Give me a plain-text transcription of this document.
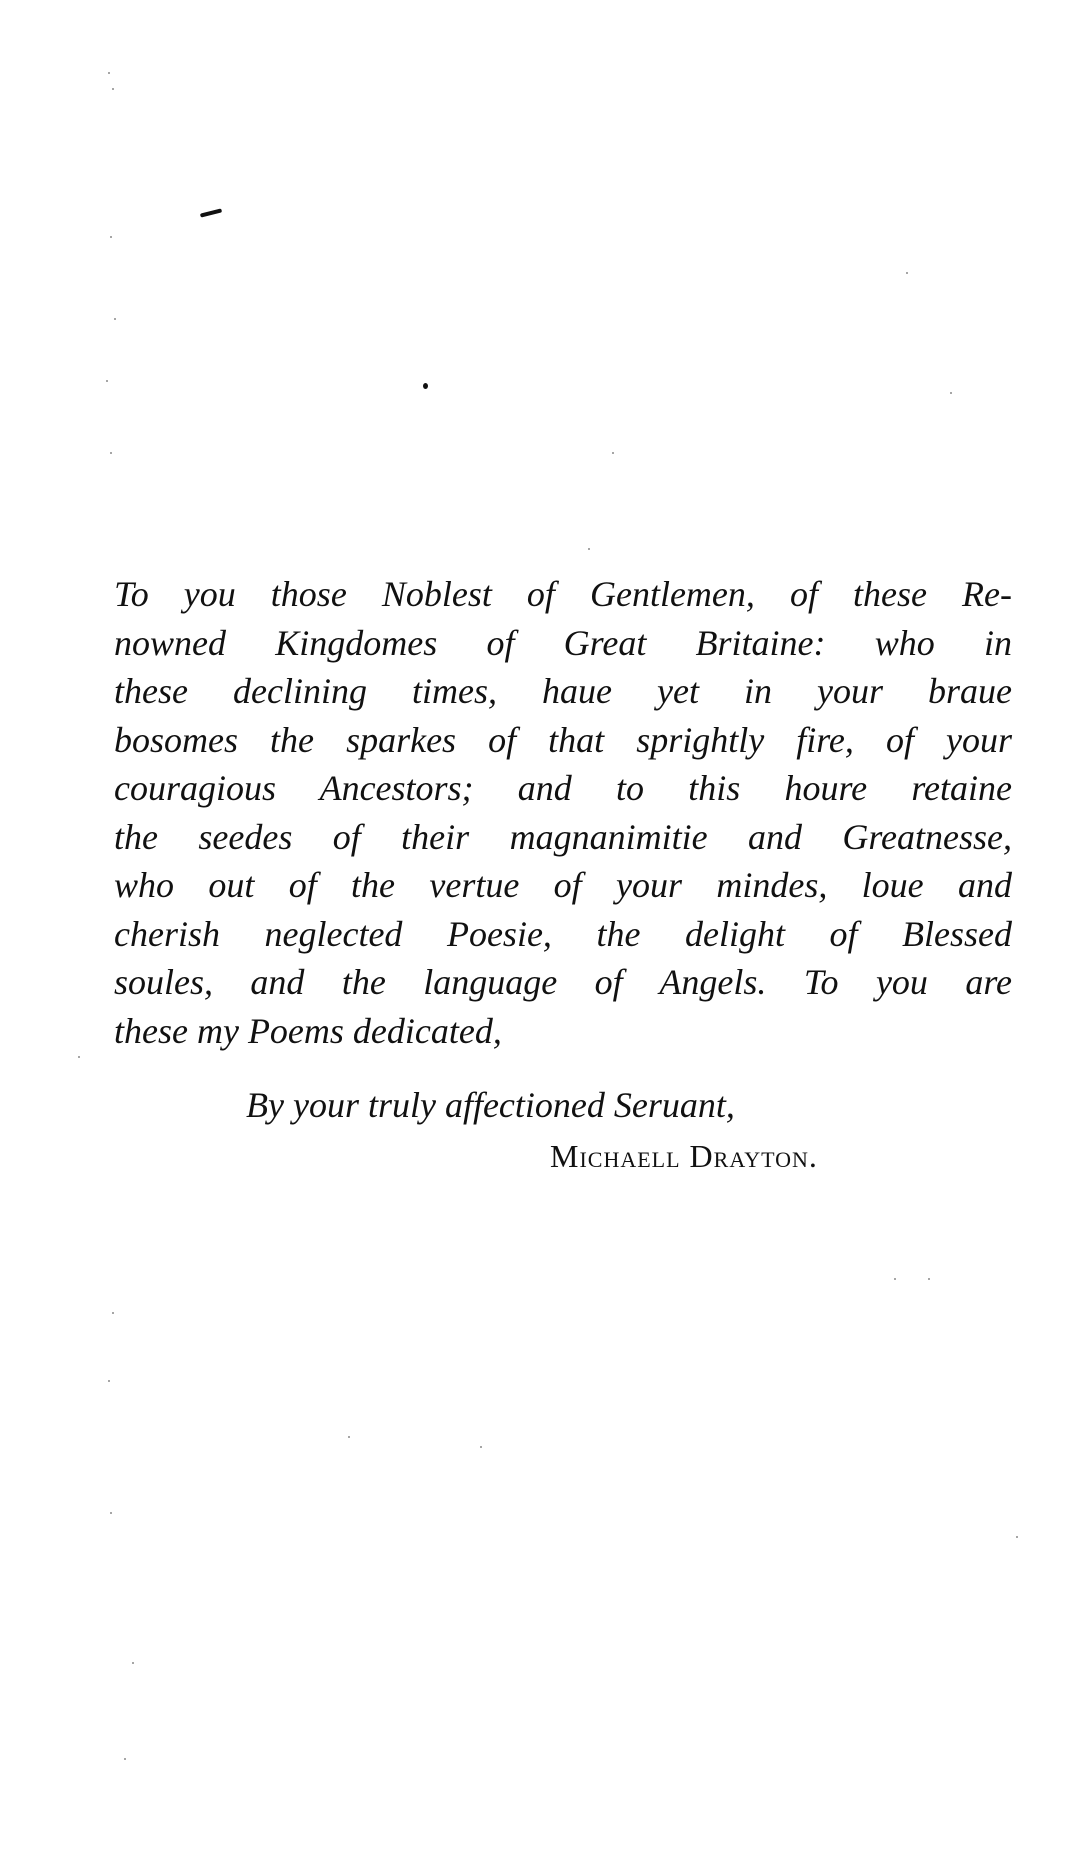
To you those Noblest of Gentlemen, of these Re-
nowned Kingdomes of Great Britaine: who in
these declining times, haue yet in your braue
bosomes the sparkes of that sprightly fire, of your
couragious Ancestors; and to this houre retaine
the seedes of their magnanimitie and Greatnesse,
who out of the vertue of your mindes, loue and
cherish neglected Poesie, the delight of Blessed
soules, and the language of Angels. To you are
these my Poems dedicated,
By your truly affectioned Seruant,
Michaell Drayton.
